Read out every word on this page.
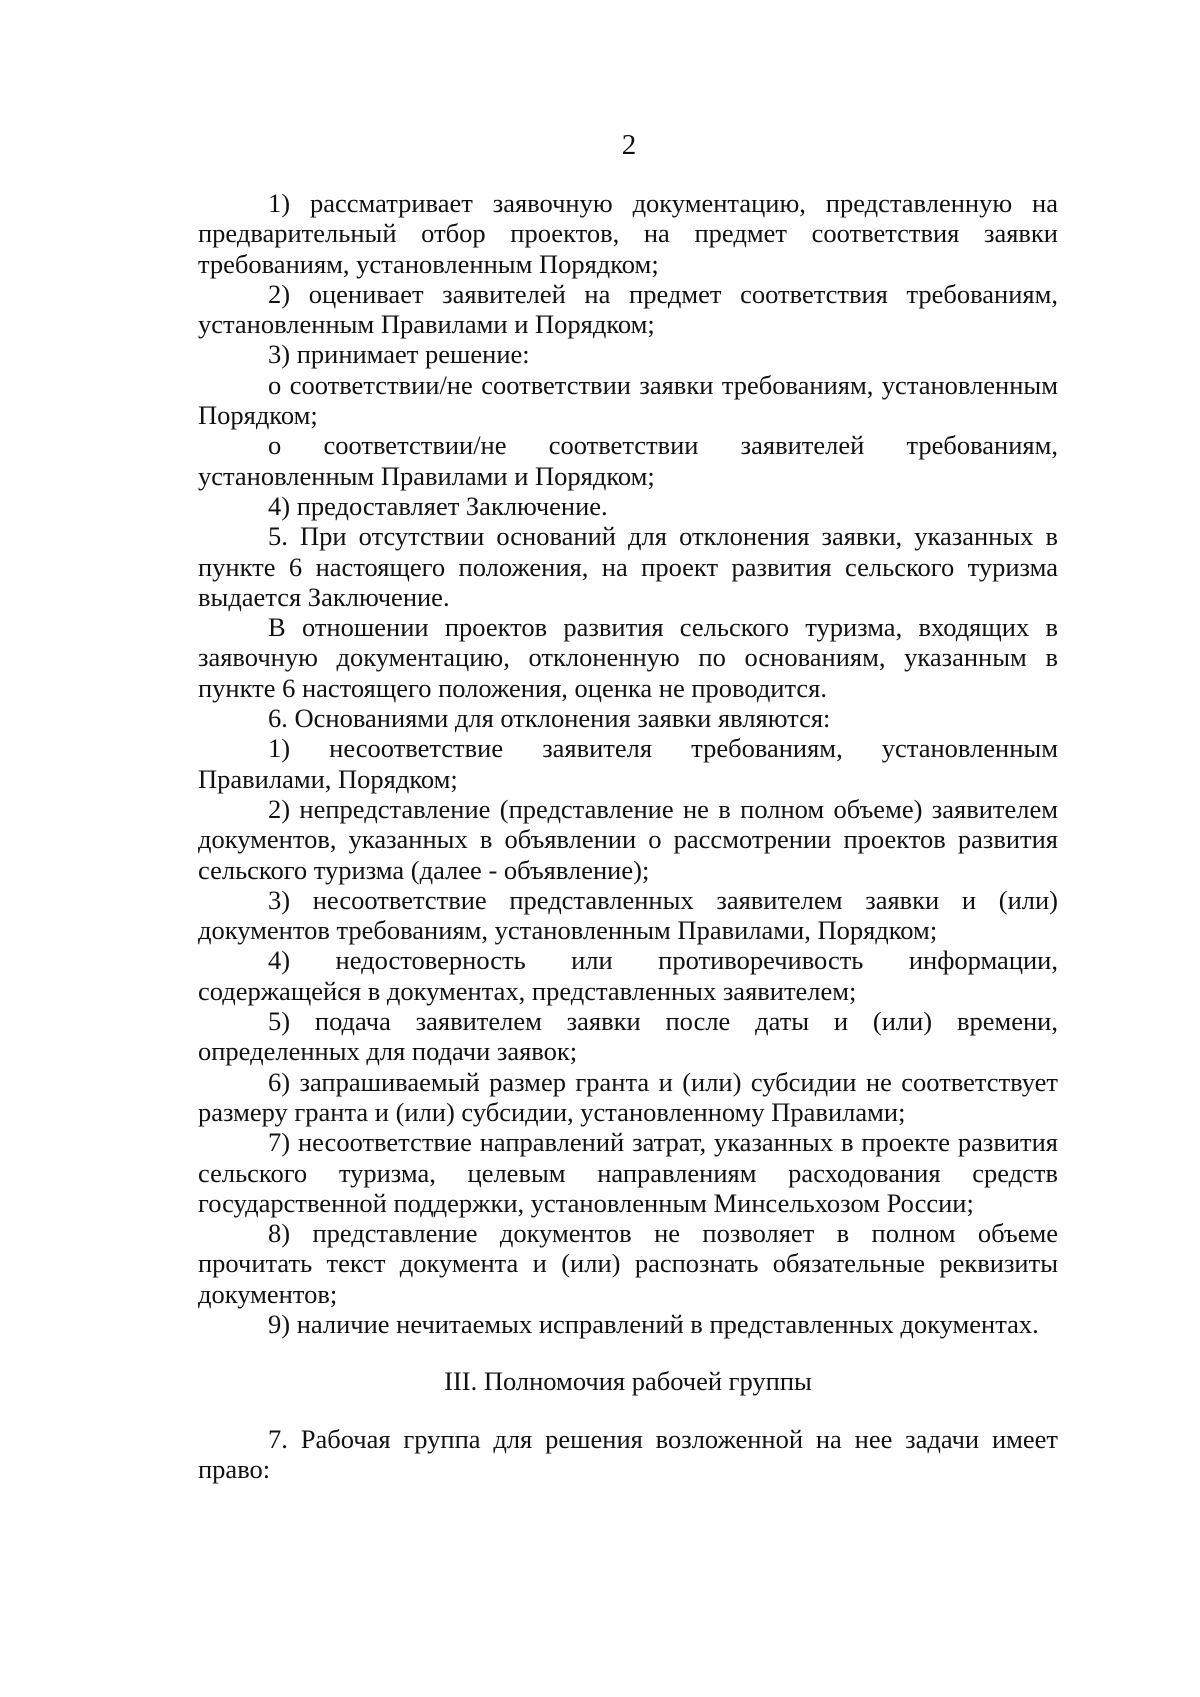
2

1) рассматривает заявочную документацию, представленную на предварительный отбор проектов, на предмет соответствия заявки требованиям, установленным Порядком;

2) оценивает заявителей на предмет соответствия требованиям, установленным Правилами и Порядком;

3) принимает решение:

о соответствии/не соответствии заявки требованиям, установленным Порядком;

о соответствии/не соответствии заявителей требованиям, установленным Правилами и Порядком;

4) предоставляет Заключение.

5. При отсутствии оснований для отклонения заявки, указанных в пункте 6 настоящего положения, на проект развития сельского туризма выдается Заключение.

В отношении проектов развития сельского туризма, входящих в заявочную документацию, отклоненную по основаниям, указанным в пункте 6 настоящего положения, оценка не проводится.

6. Основаниями для отклонения заявки являются:

1) несоответствие заявителя требованиям, установленным Правилами, Порядком;

2) непредставление (представление не в полном объеме) заявителем документов, указанных в объявлении о рассмотрении проектов развития сельского туризма (далее - объявление);

3) несоответствие представленных заявителем заявки и (или) документов требованиям, установленным Правилами, Порядком;

4) недостоверность или противоречивость информации, содержащейся в документах, представленных заявителем;

5) подача заявителем заявки после даты и (или) времени, определенных для подачи заявок;

6) запрашиваемый размер гранта и (или) субсидии не соответствует размеру гранта и (или) субсидии, установленному Правилами;

7) несоответствие направлений затрат, указанных в проекте развития сельского туризма, целевым направлениям расходования средств государственной поддержки, установленным Минсельхозом России;

8) представление документов не позволяет в полном объеме прочитать текст документа и (или) распознать обязательные реквизиты документов;

9) наличие нечитаемых исправлений в представленных документах.

III. Полномочия рабочей группы

7. Рабочая группа для решения возложенной на нее задачи имеет право:
